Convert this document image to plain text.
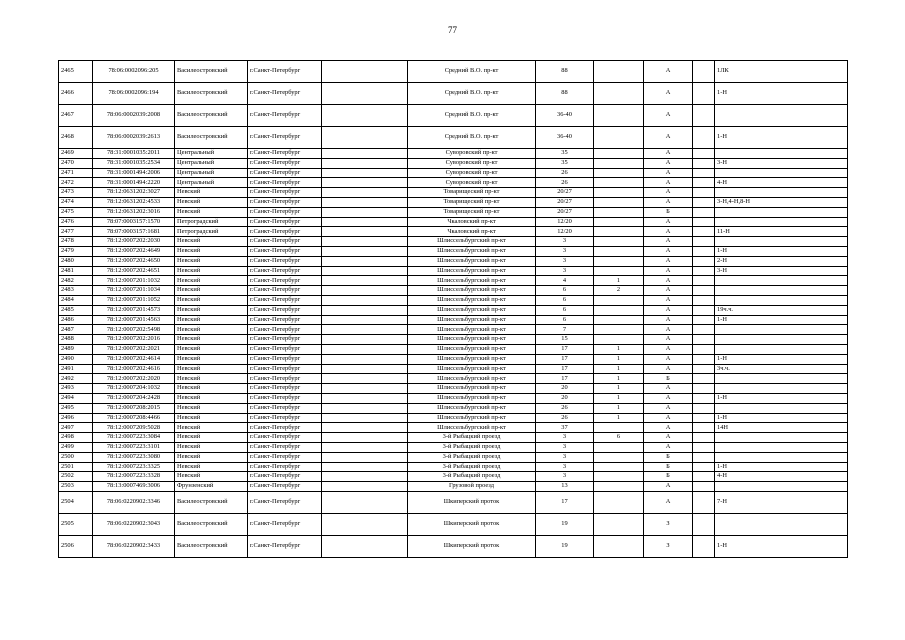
77
2465	78:06:0002096:205	Василеостровский	г.Санкт-Петербург		Средний В.О. пр-кт	88		А		1ЛК
2466	78:06:0002096:194	Василеостровский	г.Санкт-Петербург		Средний В.О. пр-кт	88		А		1-Н
2467	78:06:0002039:2008	Василеостровский	г.Санкт-Петербург		Средний В.О. пр-кт	36-40		А		
2468	78:06:0002039:2613	Василеостровский	г.Санкт-Петербург		Средний В.О. пр-кт	36-40		А		1-Н
2469	78:31:0001035:2011	Центральный	г.Санкт-Петербург		Суворовский пр-кт	35		А		
2470	78:31:0001035:2534	Центральный	г.Санкт-Петербург		Суворовский пр-кт	35		А		3-Н
2471	78:31:0001494:2006	Центральный	г.Санкт-Петербург		Суворовский пр-кт	26		А		
2472	78:31:0001494:2220	Центральный	г.Санкт-Петербург		Суворовский пр-кт	26		А		4-Н
2473	78:12:0631202:3027	Невский	г.Санкт-Петербург		Товарищеский пр-кт	20/27		А		
2474	78:12:0631202:4533	Невский	г.Санкт-Петербург		Товарищеский пр-кт	20/27		А		3-Н,4-Н,8-Н
2475	78:12:0631202:3016	Невский	г.Санкт-Петербург		Товарищеский пр-кт	20/27		Б		
2476	78:07:0003157:1570	Петроградский	г.Санкт-Петербург		Чкаловский пр-кт	12/20		А		
2477	78:07:0003157:1681	Петроградский	г.Санкт-Петербург		Чкаловский пр-кт	12/20		А		11-Н
2478	78:12:0007202:2030	Невский	г.Санкт-Петербург		Шлиссельбургский пр-кт	3		А		
2479	78:12:0007202:4649	Невский	г.Санкт-Петербург		Шлиссельбургский пр-кт	3		А		1-Н
2480	78:12:0007202:4650	Невский	г.Санкт-Петербург		Шлиссельбургский пр-кт	3		А		2-Н
2481	78:12:0007202:4651	Невский	г.Санкт-Петербург		Шлиссельбургский пр-кт	3		А		3-Н
2482	78:12:0007201:1032	Невский	г.Санкт-Петербург		Шлиссельбургский пр-кт	4	1	А		
2483	78:12:0007201:1034	Невский	г.Санкт-Петербург		Шлиссельбургский пр-кт	6	2	А		
2484	78:12:0007201:1052	Невский	г.Санкт-Петербург		Шлиссельбургский пр-кт	6		А		
2485	78:12:0007201:4573	Невский	г.Санкт-Петербург		Шлиссельбургский пр-кт	6		А		19ч.ч.
2486	78:12:0007201:4563	Невский	г.Санкт-Петербург		Шлиссельбургский пр-кт	6		А		1-Н
2487	78:12:0007202:5498	Невский	г.Санкт-Петербург		Шлиссельбургский пр-кт	7		А		
2488	78:12:0007202:2016	Невский	г.Санкт-Петербург		Шлиссельбургский пр-кт	15		А		
2489	78:12:0007202:2021	Невский	г.Санкт-Петербург		Шлиссельбургский пр-кт	17	1	А		
2490	78:12:0007202:4614	Невский	г.Санкт-Петербург		Шлиссельбургский пр-кт	17	1	А		1-Н
2491	78:12:0007202:4616	Невский	г.Санкт-Петербург		Шлиссельбургский пр-кт	17	1	А		3ч.ч.
2492	78:12:0007202:2020	Невский	г.Санкт-Петербург		Шлиссельбургский пр-кт	17	1	Б		
2493	78:12:0007204:1032	Невский	г.Санкт-Петербург		Шлиссельбургский пр-кт	20	1	А		
2494	78:12:0007204:2428	Невский	г.Санкт-Петербург		Шлиссельбургский пр-кт	20	1	А		1-Н
2495	78:12:0007208:2015	Невский	г.Санкт-Петербург		Шлиссельбургский пр-кт	26	1	А		
2496	78:12:0007208:4466	Невский	г.Санкт-Петербург		Шлиссельбургский пр-кт	26	1	А		1-Н
2497	78:12:0007209:5028	Невский	г.Санкт-Петербург		Шлиссельбургский пр-кт	37		А		14Н
2498	78:12:0007223:3084	Невский	г.Санкт-Петербург		3-й Рыбацкий проезд	3	6	А		
2499	78:12:0007223:3101	Невский	г.Санкт-Петербург		3-й Рыбацкий проезд	3		А		
2500	78:12:0007223:3080	Невский	г.Санкт-Петербург		3-й Рыбацкий проезд	3		Б		
2501	78:12:0007223:3325	Невский	г.Санкт-Петербург		3-й Рыбацкий проезд	3		Б		1-Н
2502	78:12:0007223:3328	Невский	г.Санкт-Петербург		3-й Рыбацкий проезд	3		Б		4-Н
2503	78:13:0007469:3006	Фрунзенский	г.Санкт-Петербург		Грузовой проезд	13		А		
2504	78:06:0220902:3346	Василеостровский	г.Санкт-Петербург		Шкиперский проток	17		А		7-Н
2505	78:06:0220902:3043	Василеостровский	г.Санкт-Петербург		Шкиперский проток	19		З		
2506	78:06:0220902:3433	Василеостровский	г.Санкт-Петербург		Шкиперский проток	19		З		1-Н
